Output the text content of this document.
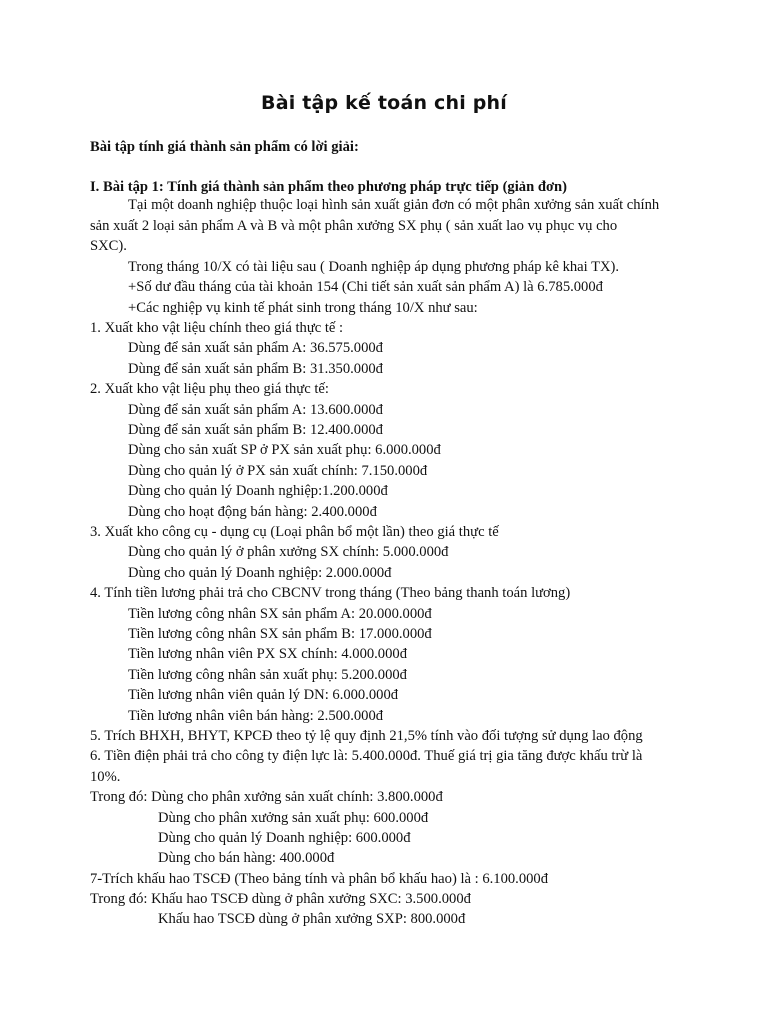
Bài tập kế toán chi phí
Bài tập tính giá thành sản phẩm có lời giải:
I. Bài tập 1: Tính giá thành sản phẩm theo phương pháp trực tiếp (giản đơn)
Tại một doanh nghiệp thuộc loại hình sản xuất giản đơn có một phân xưởng sản xuất chính
sản xuất 2 loại sản phẩm A và B và một phân xưởng SX phụ ( sản xuất lao vụ phục vụ cho
SXC).
Trong tháng 10/X có tài liệu sau ( Doanh nghiệp áp dụng phương pháp kê khai TX).
+Số dư đầu tháng của tài khoản 154 (Chi tiết sản xuất sản phẩm A) là 6.785.000đ
+Các nghiệp vụ kinh tế phát sinh trong tháng 10/X như sau:
1. Xuất kho vật liệu chính theo giá thực tế :
Dùng để sản xuất sản phẩm A: 36.575.000đ
Dùng để sản xuất sản phẩm B: 31.350.000đ
2. Xuất kho vật liệu phụ theo giá thực tế:
Dùng để sản xuất sản phẩm A: 13.600.000đ
Dùng để sản xuất sản phẩm B: 12.400.000đ
Dùng cho sản xuất SP ở PX sản xuất phụ: 6.000.000đ
Dùng cho quản lý ở PX sản xuất chính: 7.150.000đ
Dùng cho quản lý Doanh nghiệp:1.200.000đ
Dùng cho hoạt động bán hàng: 2.400.000đ
3. Xuất kho công cụ - dụng cụ (Loại phân bổ một lần) theo giá thực tế
Dùng cho quản lý ở phân xưởng SX chính: 5.000.000đ
Dùng cho quản lý Doanh nghiệp: 2.000.000đ
4. Tính tiền lương phải trả cho CBCNV trong tháng (Theo bảng thanh toán lương)
Tiền lương công nhân SX sản phẩm A: 20.000.000đ
Tiền lương công nhân SX sản phẩm B: 17.000.000đ
Tiền lương nhân viên PX SX chính: 4.000.000đ
Tiền lương công nhân sản xuất phụ: 5.200.000đ
Tiền lương nhân viên quản lý DN: 6.000.000đ
Tiền lương nhân viên bán hàng: 2.500.000đ
5. Trích BHXH, BHYT, KPCĐ theo tỷ lệ quy định 21,5% tính vào đối tượng sử dụng lao động
6. Tiền điện phải trả cho công ty điện lực là: 5.400.000đ. Thuế giá trị gia tăng được khấu trừ là
10%.
Trong đó: Dùng cho phân xưởng sản xuất chính: 3.800.000đ
Dùng cho phân xưởng sản xuất phụ: 600.000đ
Dùng cho quản lý Doanh nghiệp: 600.000đ
Dùng cho bán hàng: 400.000đ
7-Trích khấu hao TSCĐ (Theo bảng tính và phân bổ khấu hao) là : 6.100.000đ
Trong đó: Khấu hao TSCĐ dùng ở phân xưởng SXC: 3.500.000đ
Khấu hao TSCĐ dùng ở phân xưởng SXP: 800.000đ
